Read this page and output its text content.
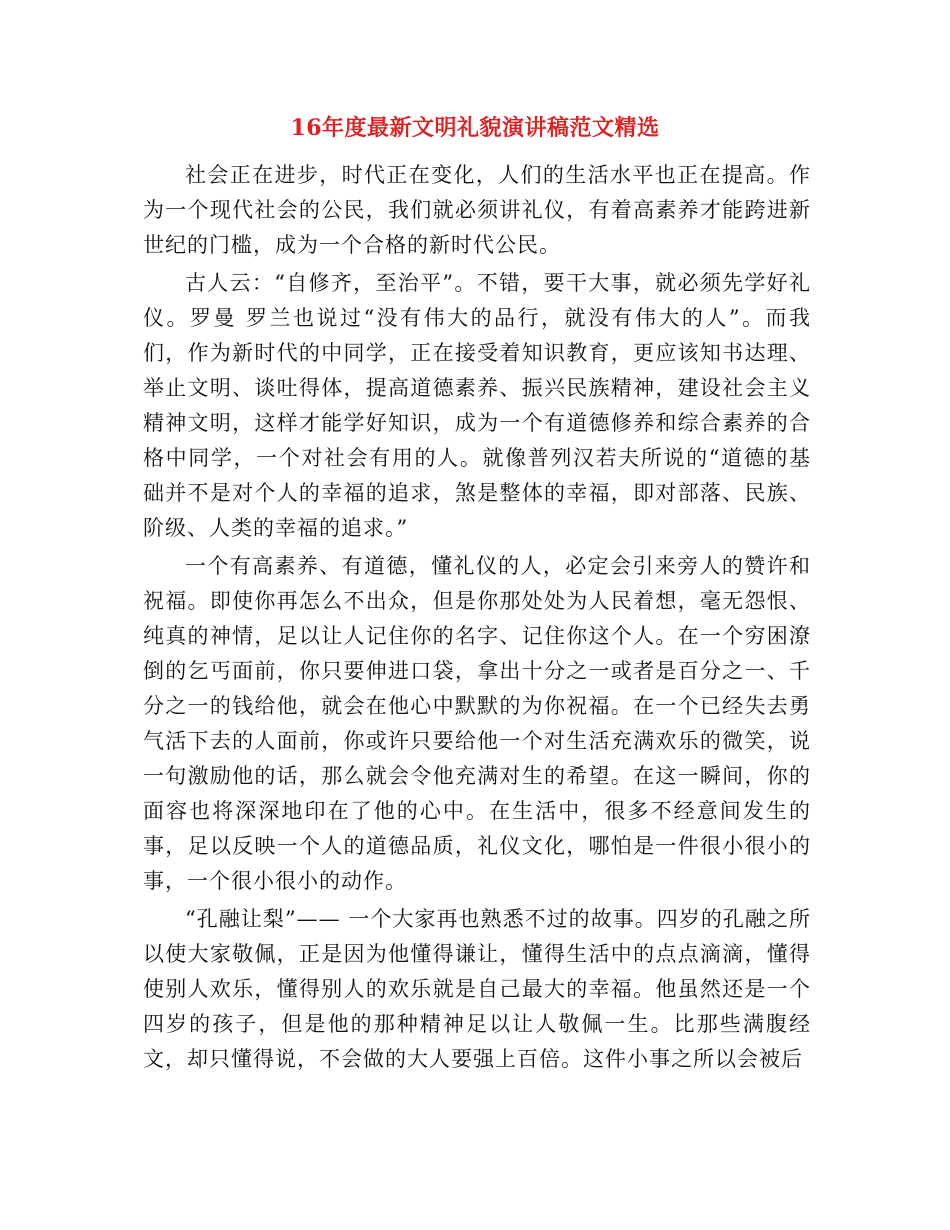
16年度最新文明礼貌演讲稿范文精选

社会正在进步，时代正在变化，人们的生活水平也正在提高。作为一个现代社会的公民，我们就必须讲礼仪，有着高素养才能跨进新世纪的门槛，成为一个合格的新时代公民。

古人云：“自修齐，至治平”。不错，要干大事，就必须先学好礼仪。罗曼 罗兰也说过“没有伟大的品行，就没有伟大的人”。而我们，作为新时代的中同学，正在接受着知识教育，更应该知书达理、举止文明、谈吐得体，提高道德素养、振兴民族精神，建设社会主义精神文明，这样才能学好知识，成为一个有道德修养和综合素养的合格中同学，一个对社会有用的人。就像普列汉若夫所说的“道德的基础并不是对个人的幸福的追求，煞是整体的幸福，即对部落、民族、阶级、人类的幸福的追求。”

一个有高素养、有道德，懂礼仪的人，必定会引来旁人的赞许和祝福。即使你再怎么不出众，但是你那处处为人民着想，毫无怨恨、纯真的神情，足以让人记住你的名字、记住你这个人。在一个穷困潦倒的乞丐面前，你只要伸进口袋，拿出十分之一或者是百分之一、千分之一的钱给他，就会在他心中默默的为你祝福。在一个已经失去勇气活下去的人面前，你或许只要给他一个对生活充满欢乐的微笑，说一句激励他的话，那么就会令他充满对生的希望。在这一瞬间，你的面容也将深深地印在了他的心中。在生活中，很多不经意间发生的事，足以反映一个人的道德品质，礼仪文化，哪怕是一件很小很小的事，一个很小很小的动作。

“孔融让梨”—— 一个大家再也熟悉不过的故事。四岁的孔融之所以使大家敬佩，正是因为他懂得谦让，懂得生活中的点点滴滴，懂得使别人欢乐，懂得别人的欢乐就是自己最大的幸福。他虽然还是一个四岁的孩子，但是他的那种精神足以让人敬佩一生。比那些满腹经文，却只懂得说，不会做的大人要强上百倍。这件小事之所以会被后
